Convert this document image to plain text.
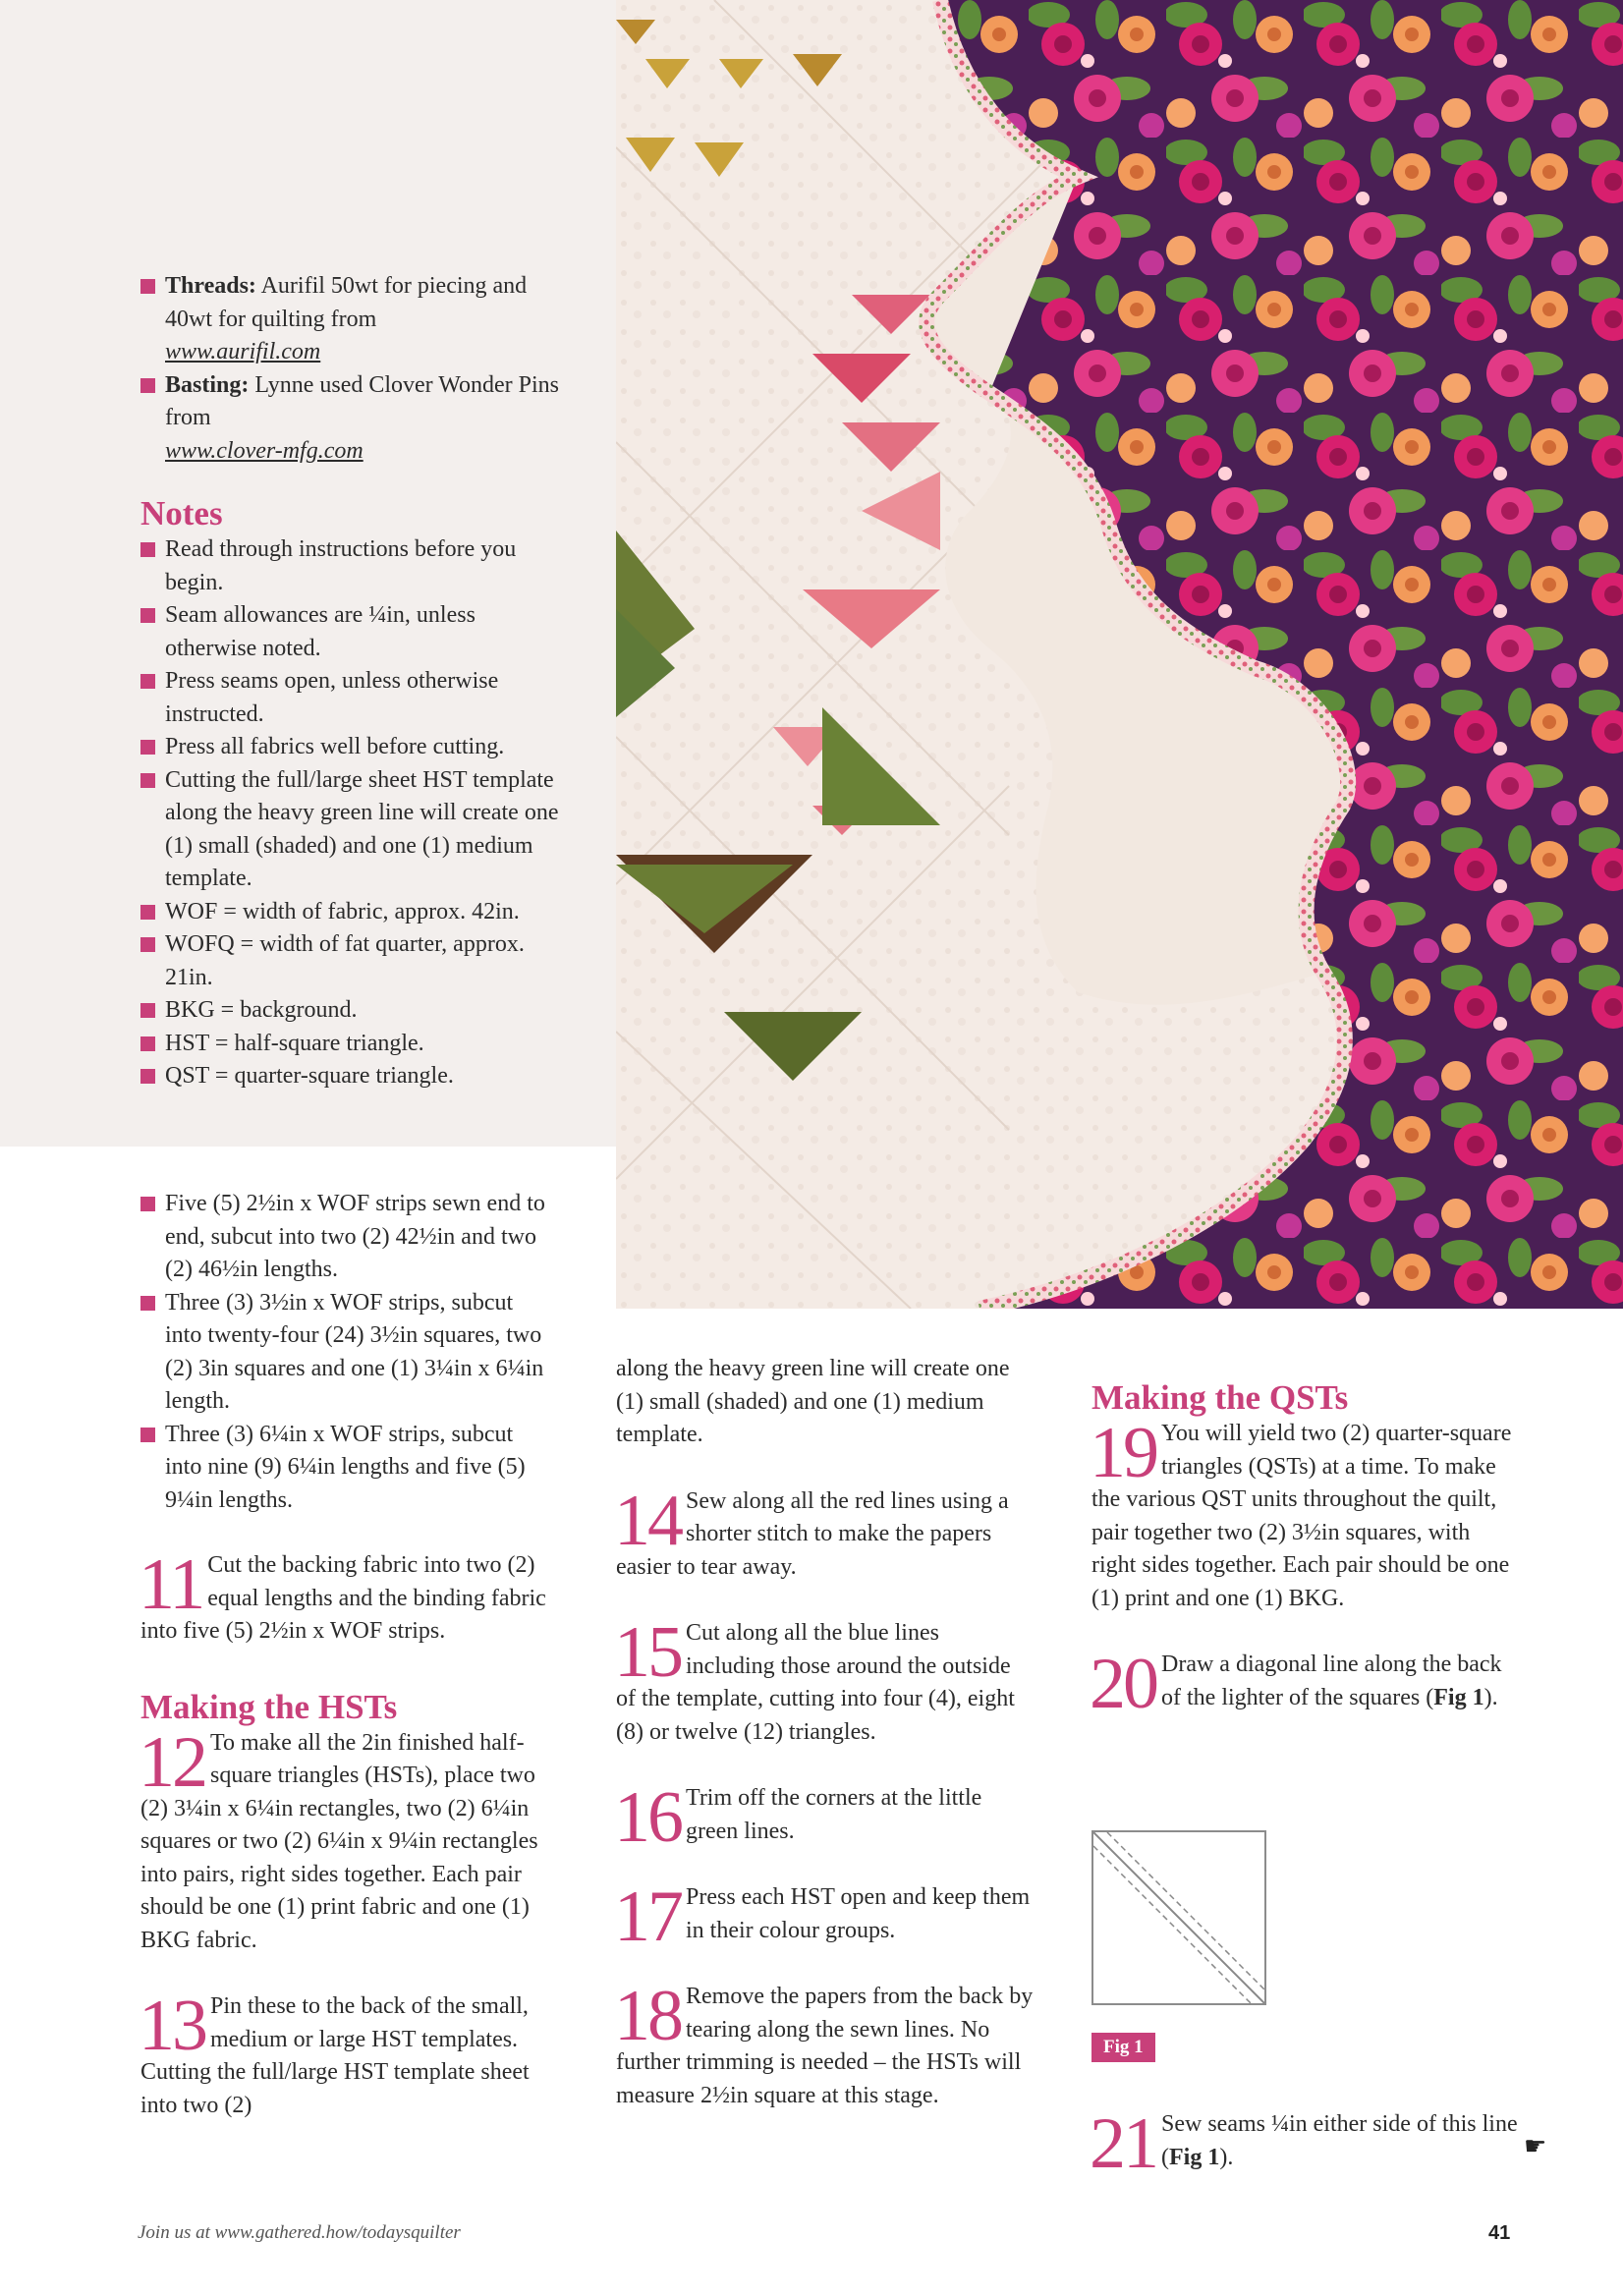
Threads: Aurifil 50wt for piecing and 40wt for quilting from
www.aurifil.com

Basting: Lynne used Clover Wonder Pins from
www.clover-mfg.com

Notes

Read through instructions before you begin.

Seam allowances are ¼in, unless otherwise noted.

Press seams open, unless otherwise instructed.

Press all fabrics well before cutting.

Cutting the full/large sheet HST template along the heavy green line will create one (1) small (shaded) and one (1) medium template.

WOF = width of fabric, approx. 42in.

WOFQ = width of fat quarter, approx. 21in.

BKG = background.

HST = half-square triangle.

QST = quarter-square triangle.

Five (5) 2½in x WOF strips sewn end to end, subcut into two (2) 42½in and two (2) 46½in lengths.

Three (3) 3½in x WOF strips, subcut into twenty-four (24) 3½in squares, two (2) 3in squares and one (1) 3¼in x 6¼in length.

Three (3) 6¼in x WOF strips, subcut into nine (9) 6¼in lengths and five (5) 9¼in lengths.

11 Cut the backing fabric into two (2) equal lengths and the binding fabric into five (5) 2½in x WOF strips.

Making the HSTs

12 To make all the 2in finished half-square triangles (HSTs), place two (2) 3¼in x 6¼in rectangles, two (2) 6¼in squares or two (2) 6¼in x 9¼in rectangles into pairs, right sides together. Each pair should be one (1) print fabric and one (1) BKG fabric.

13 Pin these to the back of the small, medium or large HST templates. Cutting the full/large HST template sheet into two (2)

along the heavy green line will create one (1) small (shaded) and one (1) medium template.

14 Sew along all the red lines using a shorter stitch to make the papers easier to tear away.

15 Cut along all the blue lines including those around the outside of the template, cutting into four (4), eight (8) or twelve (12) triangles.

16 Trim off the corners at the little green lines.

17 Press each HST open and keep them in their colour groups.

18 Remove the papers from the back by tearing along the sewn lines. No further trimming is needed – the HSTs will measure 2½in square at this stage.

Making the QSTs

19 You will yield two (2) quarter-square triangles (QSTs) at a time. To make the various QST units throughout the quilt, pair together two (2) 3½in squares, with right sides together. Each pair should be one (1) print and one (1) BKG.

20 Draw a diagonal line along the back of the lighter of the squares (Fig 1).

Fig 1

21 Sew seams ¼in either side of this line (Fig 1).	☛
Join us at www.gathered.how/todaysquilter	41
